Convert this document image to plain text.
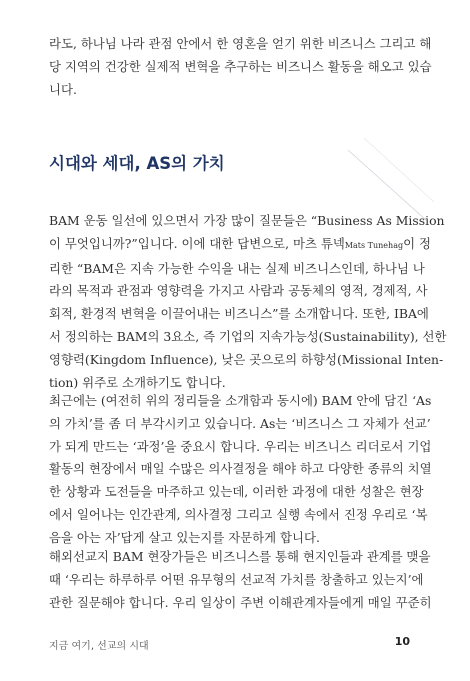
라도, 하나님 나라 관점 안에서 한 영혼을 얻기 위한 비즈니스 그리고 해
당 지역의 건강한 실제적 변혁을 추구하는 비즈니스 활동을 해오고 있습
니다.
시대와 세대, AS의 가치
BAM 운동 일선에 있으면서 가장 많이 질문들은 “Business As Mission
이 무엇입니까?”입니다. 이에 대한 답변으로, 마츠 튜넥Mats Tunehag이 정
리한 “BAM은 지속 가능한 수익을 내는 실제 비즈니스인데, 하나님 나
라의 목적과 관점과 영향력을 가지고 사람과 공동체의 영적, 경제적, 사
회적, 환경적 변혁을 이끌어내는 비즈니스”를 소개합니다. 또한, IBA에
서 정의하는 BAM의 3요소, 즉 기업의 지속가능성(Sustainability), 선한
영향력(Kingdom Influence), 낮은 곳으로의 하향성(Missional Inten-
tion) 위주로 소개하기도 합니다.
최근에는 (여전히 위의 정리들을 소개함과 동시에) BAM 안에 담긴 ‘As
의 가치’를 좀 더 부각시키고 있습니다. As는 ‘비즈니스 그 자체가 선교’
가 되게 만드는 ‘과정’을 중요시 합니다. 우리는 비즈니스 리더로서 기업
활동의 현장에서 매일 수많은 의사결정을 해야 하고 다양한 종류의 치열
한 상황과 도전들을 마주하고 있는데, 이러한 과정에 대한 성찰은 현장
에서 일어나는 인간관계, 의사결정 그리고 실행 속에서 진정 우리로 ‘복
음을 아는 자’답게 살고 있는지를 자문하게 합니다.
해외선교지 BAM 현장가들은 비즈니스를 통해 현지인들과 관계를 맺을
때 ‘우리는 하루하루 어떤 유무형의 선교적 가치를 창출하고 있는지’에
관한 질문해야 합니다. 우리 일상이 주변 이해관계자들에게 매일 꾸준히
지금 여기, 선교의 시대	10
